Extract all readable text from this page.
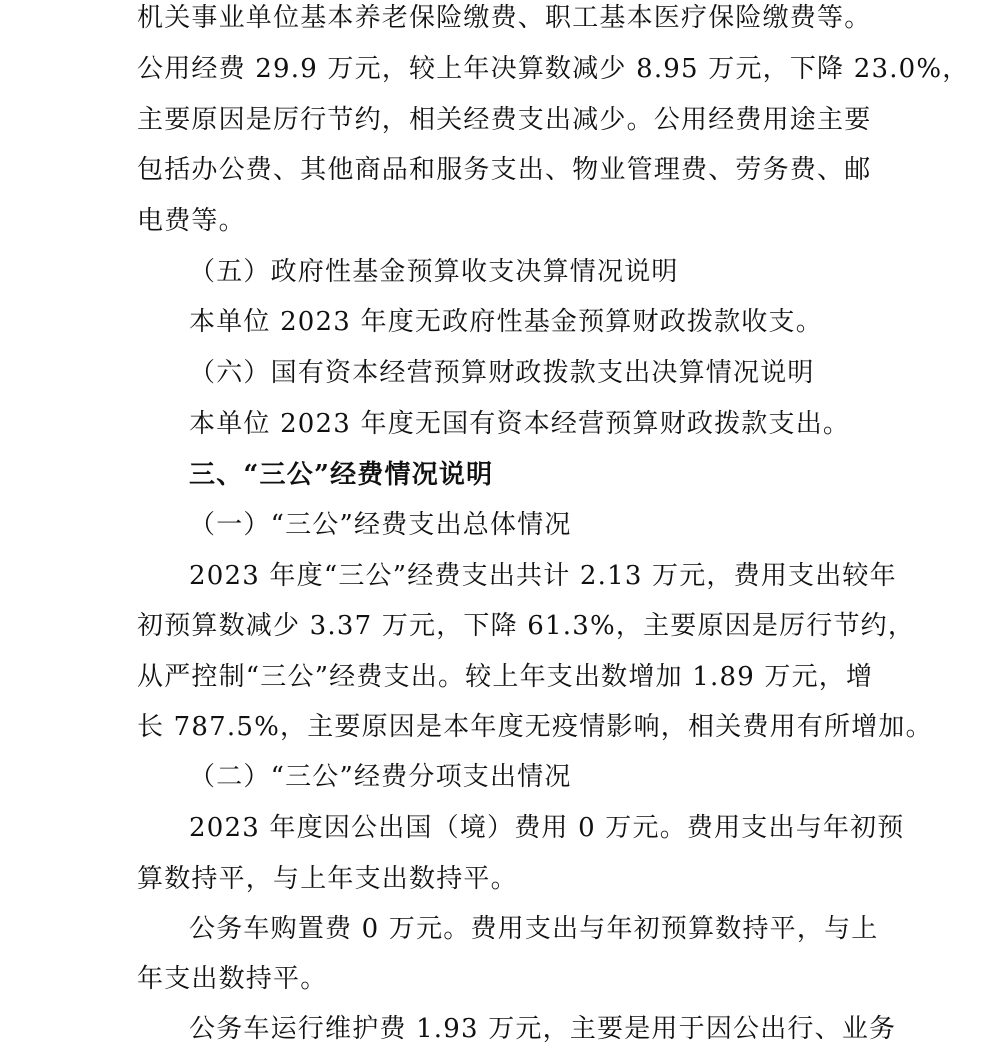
机关事业单位基本养老保险缴费、职工基本医疗保险缴费等。
公用经费 29.9 万元，较上年决算数减少 8.95 万元，下降 23.0%，
主要原因是厉行节约，相关经费支出减少。公用经费用途主要
包括办公费、其他商品和服务支出、物业管理费、劳务费、邮
电费等。
（五）政府性基金预算收支决算情况说明
本单位 2023 年度无政府性基金预算财政拨款收支。
（六）国有资本经营预算财政拨款支出决算情况说明
本单位 2023 年度无国有资本经营预算财政拨款支出。
三、“三公”经费情况说明
（一）“三公”经费支出总体情况
2023 年度“三公”经费支出共计 2.13 万元，费用支出较年
初预算数减少 3.37 万元，下降 61.3%，主要原因是厉行节约，
从严控制“三公”经费支出。较上年支出数增加 1.89 万元，增
长 787.5%，主要原因是本年度无疫情影响，相关费用有所增加。
（二）“三公”经费分项支出情况
2023 年度因公出国（境）费用 0 万元。费用支出与年初预
算数持平，与上年支出数持平。
公务车购置费 0 万元。费用支出与年初预算数持平，与上
年支出数持平。
公务车运行维护费 1.93 万元，主要是用于因公出行、业务
